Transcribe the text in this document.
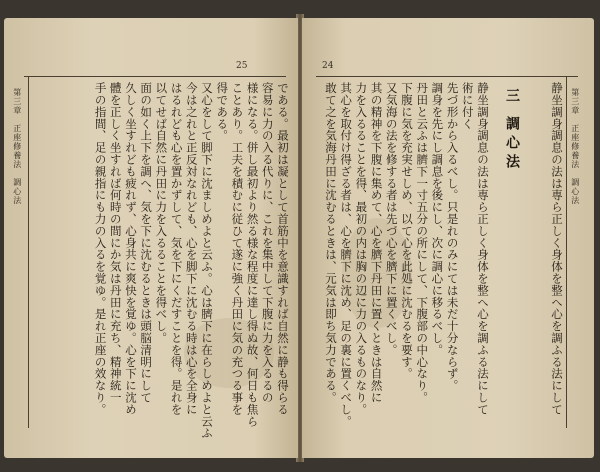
25
第三章　正座修養法　調心法	である。最初は凝として首筋中を意識すれば自然に静も得らる
容易に力の入る代りに、これを集中して下腹に力を入るるの
様になる。併し最初より然る様な程度に達し得ぬ故、何日も焦ら
ことあり。工夫を積むに従ひて遂に強く丹田に気の充つる事を
得である。
又心をして脚下に沈ましめよと云ふ。心は臍下に在らしめよと云ふ
今は之れと正反対なれども、心を脚下に沈むる時は心を全身に
はるれども心を置かずして、気を下にくだすことを得。是れを
以てせば自然に丹田に力を入るることを得べし。
面の如く上下を調へ、気を下に沈むるときは頭脳清明にして
久しく坐すれども疲れず、心身共に爽快を覚ゆ。心を下に沈め
體を正しく坐すれば何時の間にか気は丹田に充ち、精神統一
手の指間、足の親指にも力の入るを覚ゆ。是れ正座の效なり。
24
第三章　正座修養法　調心法
静坐調身調息の法は専ら正しく身体を整へ心を調ふる法にして
術に付く
先づ形から入るべし。只是れのみにては未だ十分ならず。
調身を先にし調息を後にし、次に調心に移るべし。
丹田と云ふは臍下一寸五分の所にして、下腹部の中心なり。
下腹に気を充実せしめ、以て心を此処に沈むるを要す。
又気海の法を修する者は先づ心を臍下に置くべし。
其の精神を下腹に集めて、心を臍下丹田に置くときは自然に
力を入るることを得、最初の内は胸の辺に力の入るものなり。
其心を取付け得ざる者は、心を臍下に沈め、足の裏に置くべし。
敢て之を気海丹田に沈むるときは、元気は即ち気力である。	三調心法	静坐調身調息の法は専ら正しく身体を整へ心を調ふる法にして
